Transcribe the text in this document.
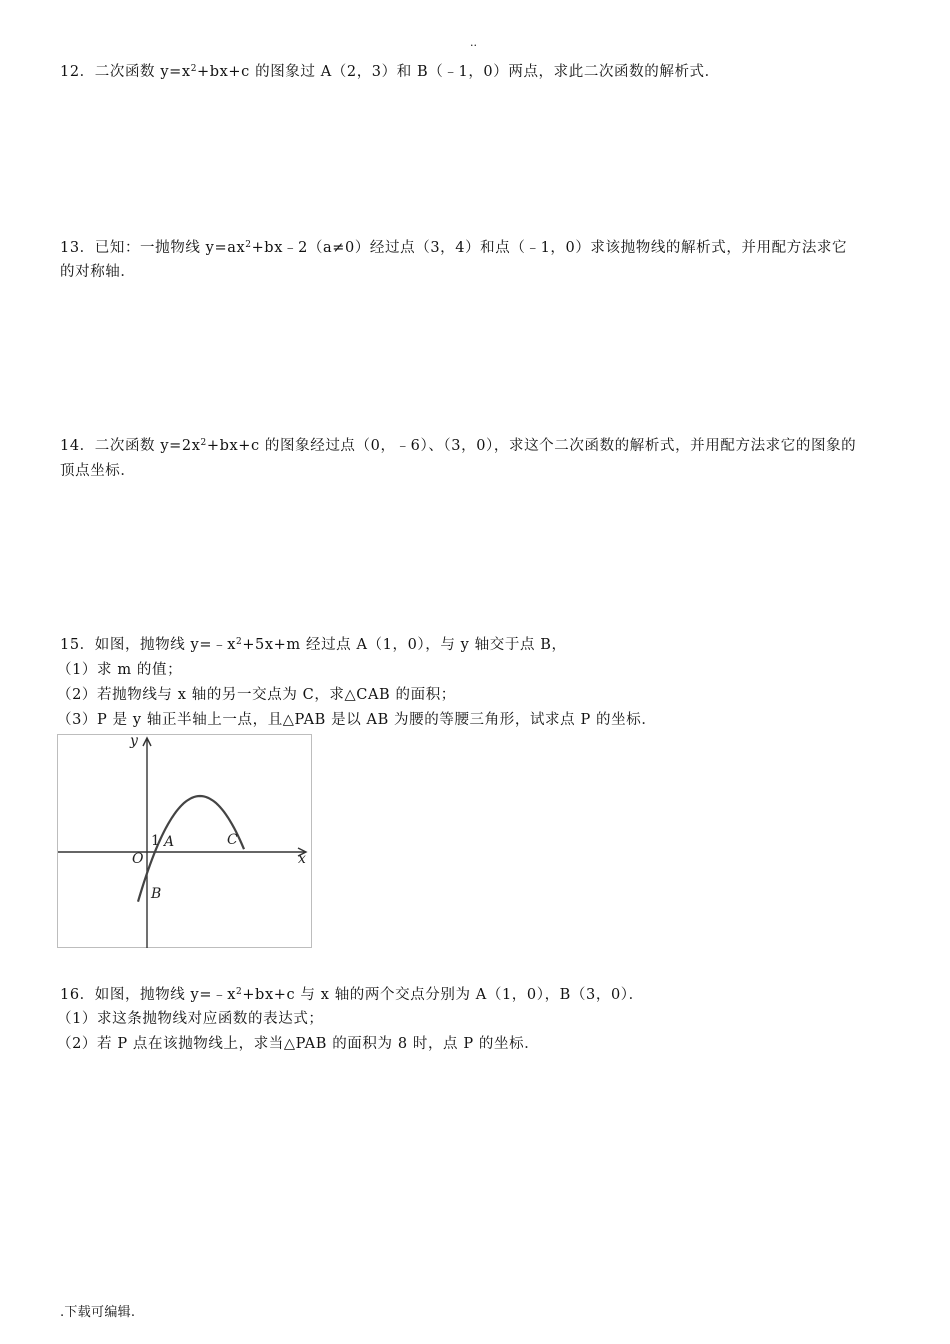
..
12．二次函数 $y=x^2+bx+c$ 的图象过 A（2，3）和 B（﹣1，0）两点，求此二次函数的解析式．
13．已知：一抛物线 $y=ax^2+bx﹣2(a\ne 0)$经过点（3，4）和点（﹣1，0）求该抛物线的解析式，并用配方法求它
的对称轴．
14．二次函数 $y=2x^2+bx+c$ 的图象经过点（0，﹣6）、（3，0），求这个二次函数的解析式，并用配方法求它的图象的
顶点坐标．
15．如图，抛物线 $y=﹣x^2+5x+m$ 经过点 A（1，0），与 y 轴交于点 B，
（1）求 m 的值；
（2）若抛物线与 x 轴的另一交点为 C，求△CAB 的面积；
（3）P 是 y 轴正半轴上一点，且△PAB 是以 AB 为腰的等腰三角形，试求点 P 的坐标．
y
x
O
1 A
B
C
16．如图，抛物线 $y=﹣x^2+bx+c$ 与 x 轴的两个交点分别为 A（1，0），B（3，0）．
（1）求这条抛物线对应函数的表达式；
（2）若 P 点在该抛物线上，求当△PAB 的面积为 8 时，点 P 的坐标．
.下载可编辑.
